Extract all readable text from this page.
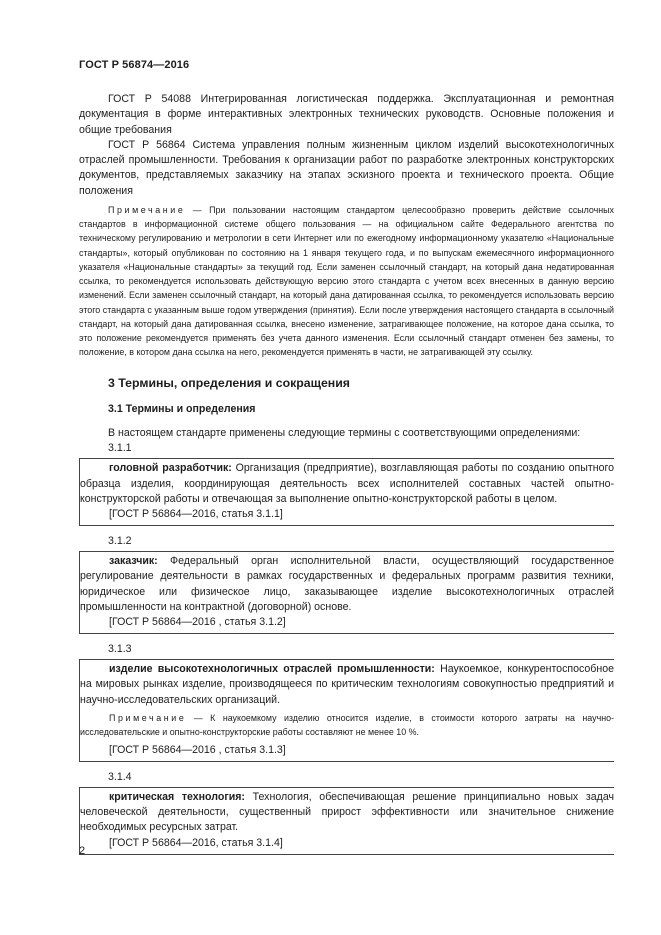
ГОСТ Р 56874—2016

ГОСТ Р 54088 Интегрированная логистическая поддержка. Эксплуатационная и ремонтная документация в форме интерактивных электронных технических руководств. Основные положения и общие требования

ГОСТ Р 56864 Система управления полным жизненным циклом изделий высокотехнологичных отраслей промышленности. Требования к организации работ по разработке электронных конструкторских документов, представляемых заказчику на этапах эскизного проекта и технического проекта. Общие положения

Примечание — При пользовании настоящим стандартом целесообразно проверить действие ссылочных стандартов в информационной системе общего пользования — на официальном сайте Федерального агентства по техническому регулированию и метрологии в сети Интернет или по ежегодному информационному указателю «Национальные стандарты», который опубликован по состоянию на 1 января текущего года, и по выпускам ежемесячного информационного указателя «Национальные стандарты» за текущий год. Если заменен ссылочный стандарт, на который дана недатированная ссылка, то рекомендуется использовать действующую версию этого стандарта с учетом всех внесенных в данную версию изменений. Если заменен ссылочный стандарт, на который дана датированная ссылка, то рекомендуется использовать версию этого стандарта с указанным выше годом утверждения (принятия). Если после утверждения настоящего стандарта в ссылочный стандарт, на который дана датированная ссылка, внесено изменение, затрагивающее положение, на которое дана ссылка, то это положение рекомендуется применять без учета данного изменения. Если ссылочный стандарт отменен без замены, то положение, в котором дана ссылка на него, рекомендуется применять в части, не затрагивающей эту ссылку.

3 Термины, определения и сокращения
3.1 Термины и определения

В настоящем стандарте применены следующие термины с соответствующими определениями:

3.1.1

головной разработчик: Организация (предприятие), возглавляющая работы по созданию опытного образца изделия, координирующая деятельность всех исполнителей составных частей опытно-конструкторской работы и отвечающая за выполнение опытно-конструкторской работы в целом.

[ГОСТ Р 56864—2016, статья 3.1.1]
3.1.2

заказчик: Федеральный орган исполнительной власти, осуществляющий государственное регулирование деятельности в рамках государственных и федеральных программ развития техники, юридическое или физическое лицо, заказывающее изделие высокотехнологичных отраслей промышленности на контрактной (договорной) основе.

[ГОСТ Р 56864—2016 , статья 3.1.2]
3.1.3

изделие высокотехнологичных отраслей промышленности: Наукоемкое, конкурентоспособное на мировых рынках изделие, производящееся по критическим технологиям совокупностью предприятий и научно-исследовательских организаций.

Примечание — К наукоемкому изделию относится изделие, в стоимости которого затраты на научно-исследовательские и опытно-конструкторские работы составляют не менее 10 %.

[ГОСТ Р 56864—2016 , статья 3.1.3]
3.1.4

критическая технология: Технология, обеспечивающая решение принципиально новых задач человеческой деятельности, существенный прирост эффективности или значительное снижение необходимых ресурсных затрат.

[ГОСТ Р 56864—2016, статья 3.1.4]
2
